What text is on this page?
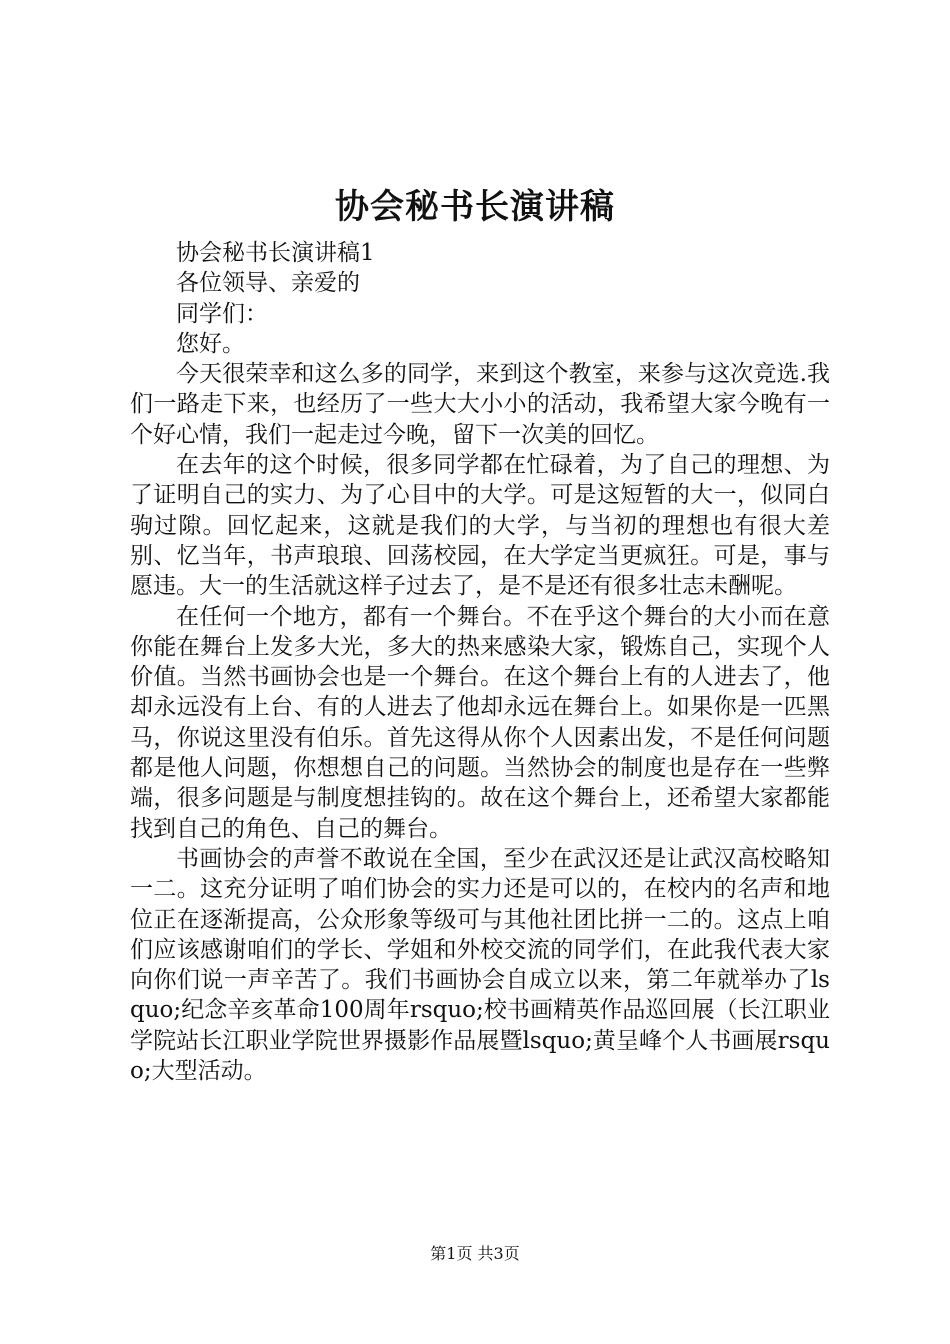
协会秘书长演讲稿

协会秘书长演讲稿1

各位领导、亲爱的

同学们：

您好。

今天很荣幸和这么多的同学，来到这个教室，来参与这次竞选.我们一路走下来，也经历了一些大大小小的活动，我希望大家今晚有一个好心情，我们一起走过今晚，留下一次美的回忆。

在去年的这个时候，很多同学都在忙碌着，为了自己的理想、为了证明自己的实力、为了心目中的大学。可是这短暂的大一，似同白驹过隙。回忆起来，这就是我们的大学，与当初的理想也有很大差别、忆当年，书声琅琅、回荡校园，在大学定当更疯狂。可是，事与愿违。大一的生活就这样子过去了，是不是还有很多壮志未酬呢。

在任何一个地方，都有一个舞台。不在乎这个舞台的大小而在意你能在舞台上发多大光，多大的热来感染大家，锻炼自己，实现个人价值。当然书画协会也是一个舞台。在这个舞台上有的人进去了，他却永远没有上台、有的人进去了他却永远在舞台上。如果你是一匹黑马，你说这里没有伯乐。首先这得从你个人因素出发，不是任何问题都是他人问题，你想想自己的问题。当然协会的制度也是存在一些弊端，很多问题是与制度想挂钩的。故在这个舞台上，还希望大家都能找到自己的角色、自己的舞台。

书画协会的声誉不敢说在全国，至少在武汉还是让武汉高校略知一二。这充分证明了咱们协会的实力还是可以的，在校内的名声和地位正在逐渐提高，公众形象等级可与其他社团比拼一二的。这点上咱们应该感谢咱们的学长、学姐和外校交流的同学们，在此我代表大家向你们说一声辛苦了。我们书画协会自成立以来，第二年就举办了lsquo;纪念辛亥革命100周年rsquo;校书画精英作品巡回展（长江职业学院站长江职业学院世界摄影作品展暨lsquo;黄呈峰个人书画展rsquo;大型活动。

第1页 共3页
